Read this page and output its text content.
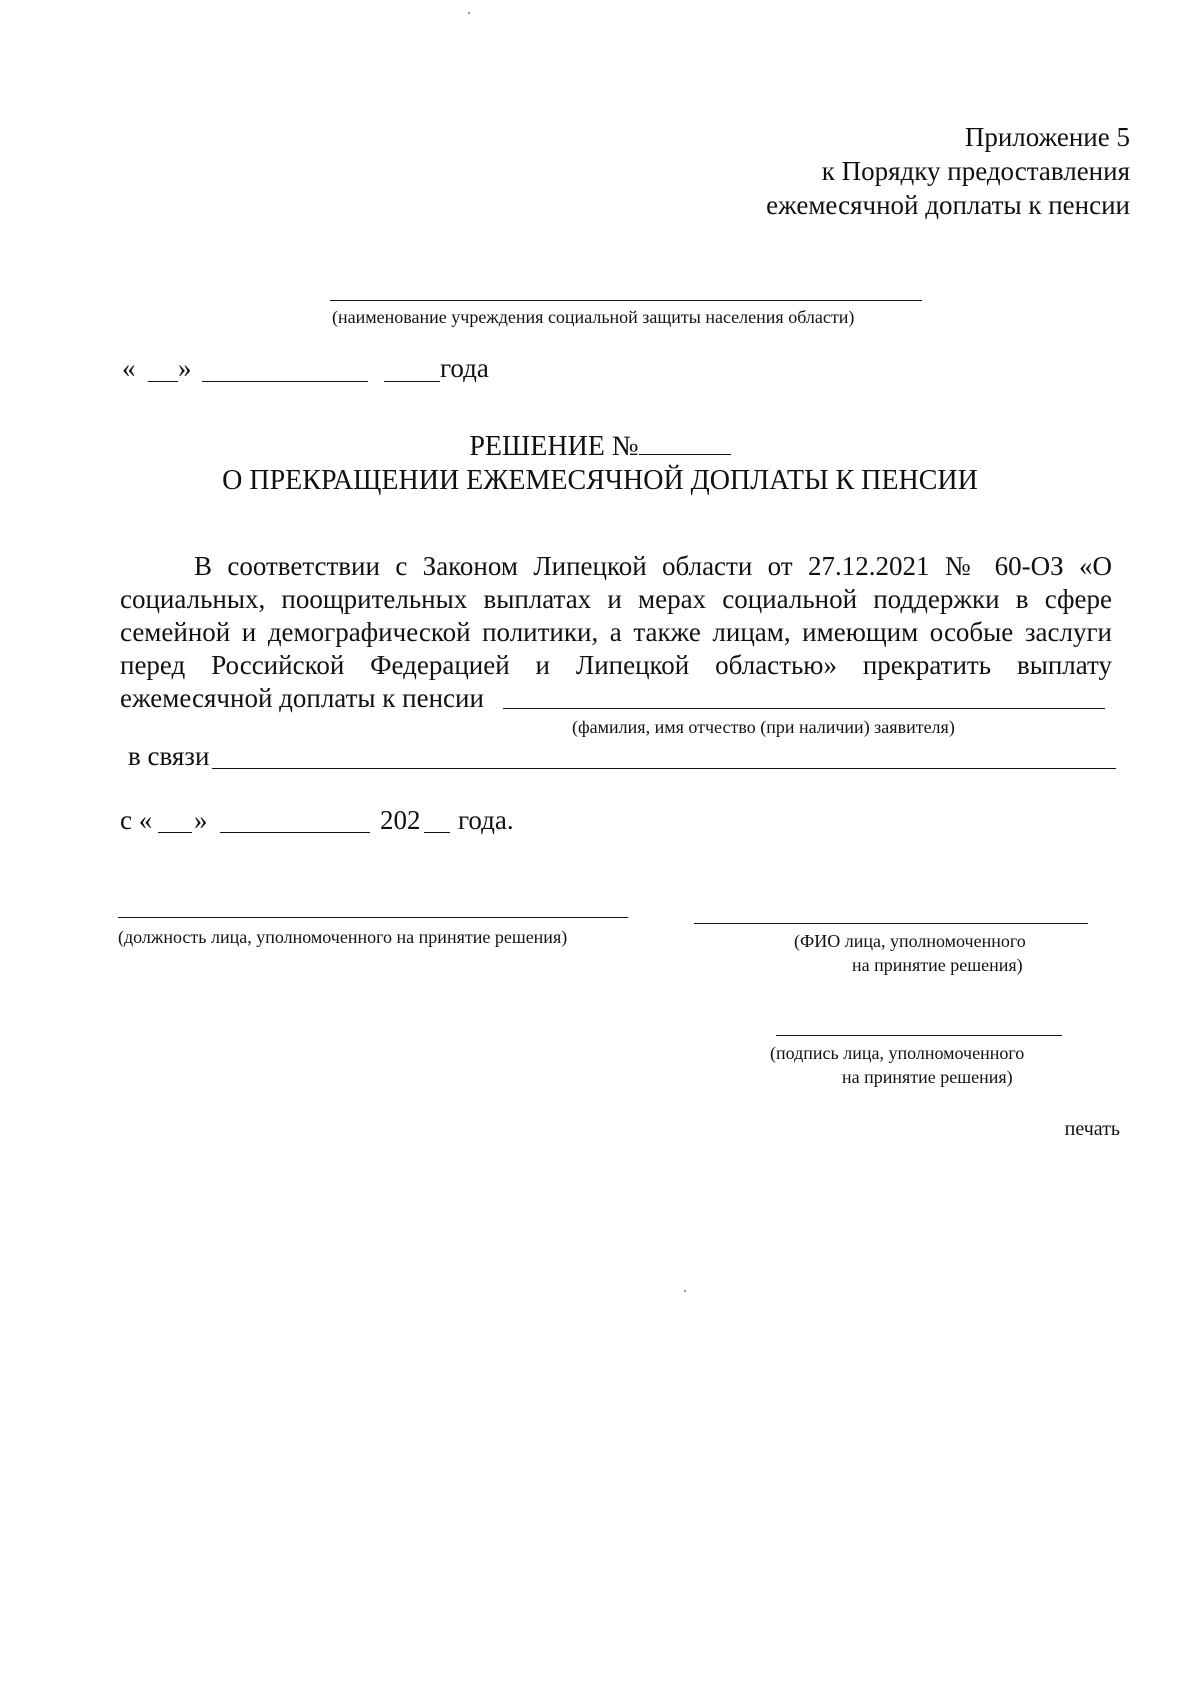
Приложение 5
к Порядку предоставления
ежемесячной доплаты к пенсии
(наименование учреждения социальной защиты населения области)
« »	года
РЕШЕНИЕ №
О ПРЕКРАЩЕНИИ ЕЖЕМЕСЯЧНОЙ ДОПЛАТЫ К ПЕНСИИ
В соответствии с Законом Липецкой области от 27.12.2021 № 60-ОЗ «О
социальных, поощрительных выплатах и мерах социальной поддержки в сфере
семейной и демографической политики, а также лицам, имеющим особые заслуги
перед Российской Федерацией и Липецкой областью» прекратить выплату
ежемесячной доплаты к пенсии
(фамилия, имя отчество (при наличии) заявителя)
в связи
с « »	202 года.
(должность лица, уполномоченного на принятие решения)	(ФИО лица, уполномоченного
на принятие решения)
(подпись лица, уполномоченного
на принятие решения)
печать
